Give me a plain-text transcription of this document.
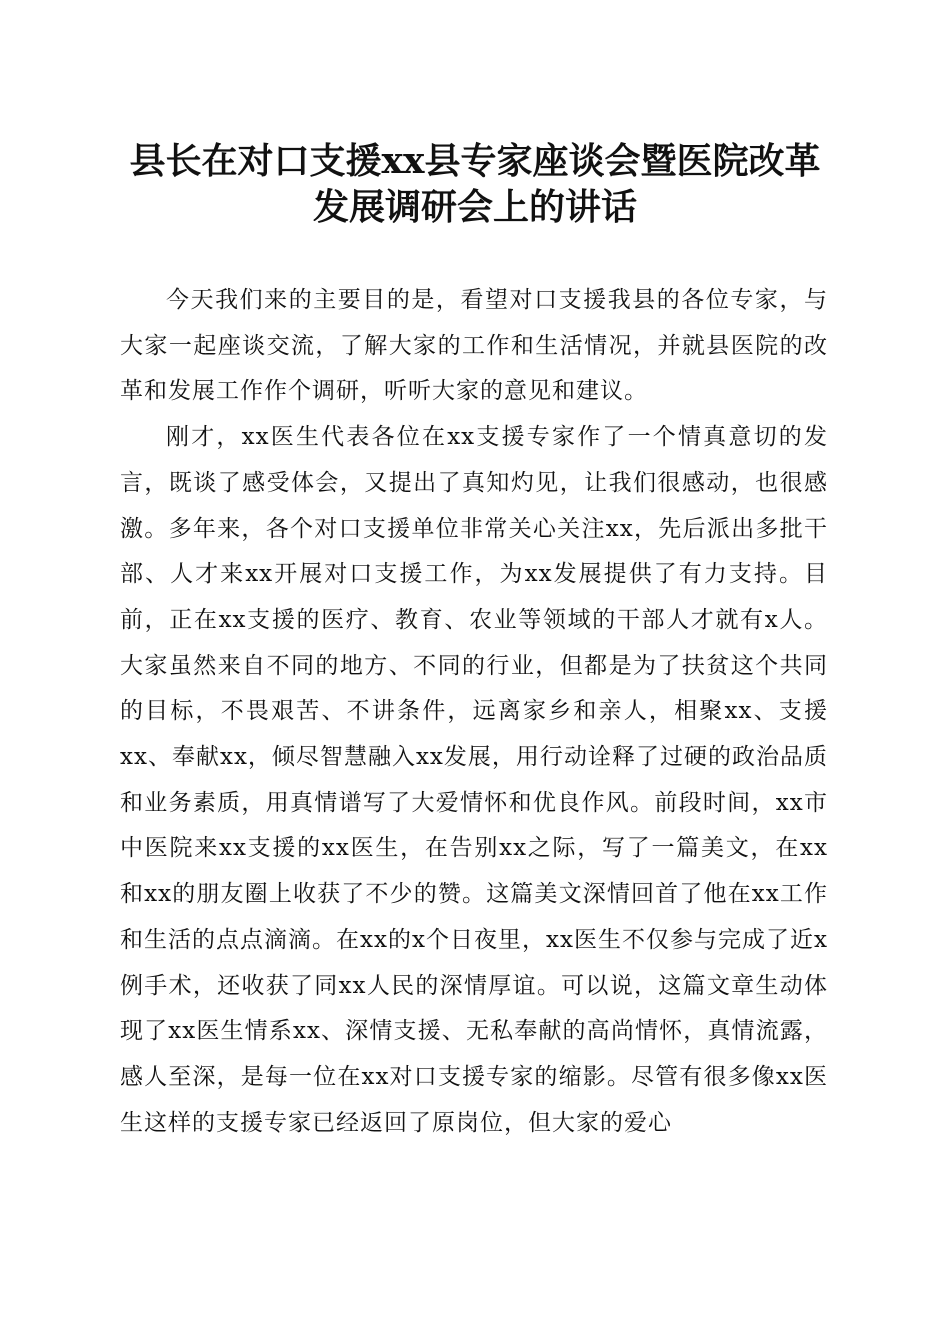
县长在对口支援xx县专家座谈会暨医院改革
发展调研会上的讲话

今天我们来的主要目的是，看望对口支援我县的各位专家，与大家一起座谈交流，了解大家的工作和生活情况，并就县医院的改革和发展工作作个调研，听听大家的意见和建议。

刚才，xx医生代表各位在xx支援专家作了一个情真意切的发言，既谈了感受体会，又提出了真知灼见，让我们很感动，也很感激。多年来，各个对口支援单位非常关心关注xx，先后派出多批干部、人才来xx开展对口支援工作，为xx发展提供了有力支持。目前，正在xx支援的医疗、教育、农业等领域的干部人才就有x人。大家虽然来自不同的地方、不同的行业，但都是为了扶贫这个共同的目标，不畏艰苦、不讲条件，远离家乡和亲人，相聚xx、支援xx、奉献xx，倾尽智慧融入xx发展，用行动诠释了过硬的政治品质和业务素质，用真情谱写了大爱情怀和优良作风。前段时间，xx市中医院来xx支援的xx医生，在告别xx之际，写了一篇美文，在xx和xx的朋友圈上收获了不少的赞。这篇美文深情回首了他在xx工作和生活的点点滴滴。在xx的x个日夜里，xx医生不仅参与完成了近x例手术，还收获了同xx人民的深情厚谊。可以说，这篇文章生动体现了xx医生情系xx、深情支援、无私奉献的高尚情怀，真情流露，感人至深，是每一位在xx对口支援专家的缩影。尽管有很多像xx医生这样的支援专家已经返回了原岗位，但大家的爱心
